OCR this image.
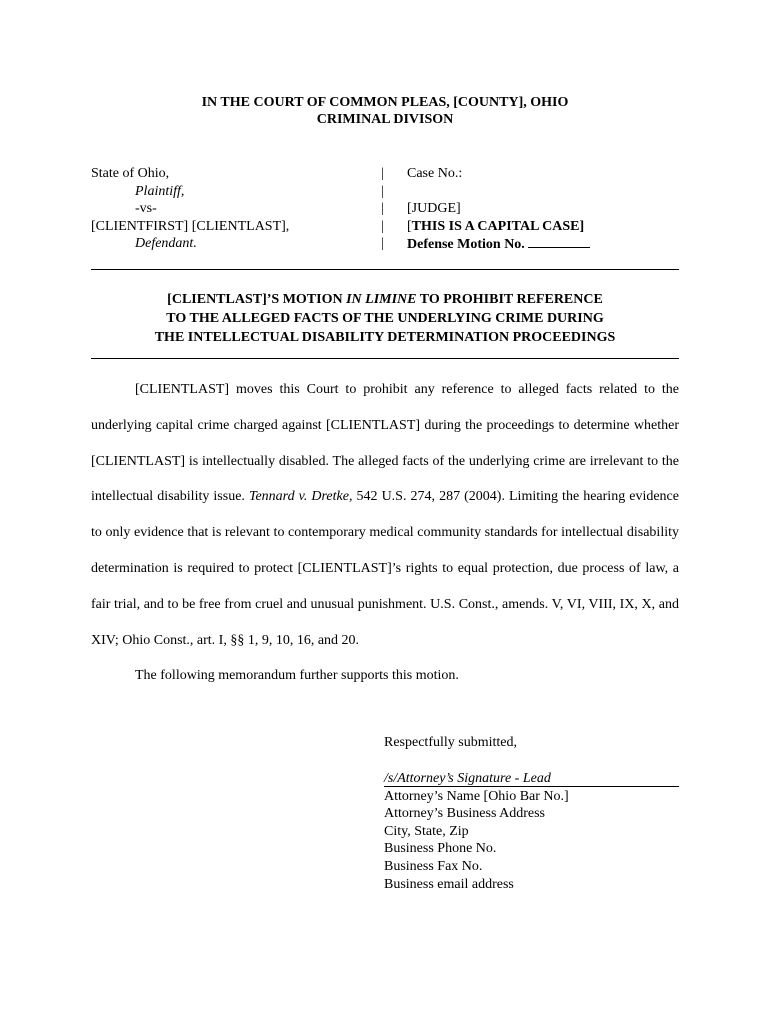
IN THE COURT OF COMMON PLEAS, [COUNTY], OHIO
CRIMINAL DIVISON
State of Ohio,
Plaintiff,
-vs-
[CLIENTFIRST] [CLIENTLAST],
Defendant.
|
|
|
|
|
Case No.:
[JUDGE]
[THIS IS A CAPITAL CASE]
Defense Motion No.
[CLIENTLAST]’S MOTION IN LIMINE TO PROHIBIT REFERENCE
TO THE ALLEGED FACTS OF THE UNDERLYING CRIME DURING
THE INTELLECTUAL DISABILITY DETERMINATION PROCEEDINGS

[CLIENTLAST] moves this Court to prohibit any reference to alleged facts related to the underlying capital crime charged against [CLIENTLAST] during the proceedings to determine whether [CLIENTLAST] is intellectually disabled. The alleged facts of the underlying crime are irrelevant to the intellectual disability issue. Tennard v. Dretke, 542 U.S. 274, 287 (2004). Limiting the hearing evidence to only evidence that is relevant to contemporary medical community standards for intellectual disability determination is required to protect [CLIENTLAST]’s rights to equal protection, due process of law, a fair trial, and to be free from cruel and unusual punishment. U.S. Const., amends. V, VI, VIII, IX, X, and XIV; Ohio Const., art. I, §§ 1, 9, 10, 16, and 20.

The following memorandum further supports this motion.

Respectfully submitted,
/s/Attorney’s Signature - Lead
Attorney’s Name [Ohio Bar No.]
Attorney’s Business Address
City, State, Zip
Business Phone No.
Business Fax No.
Business email address
